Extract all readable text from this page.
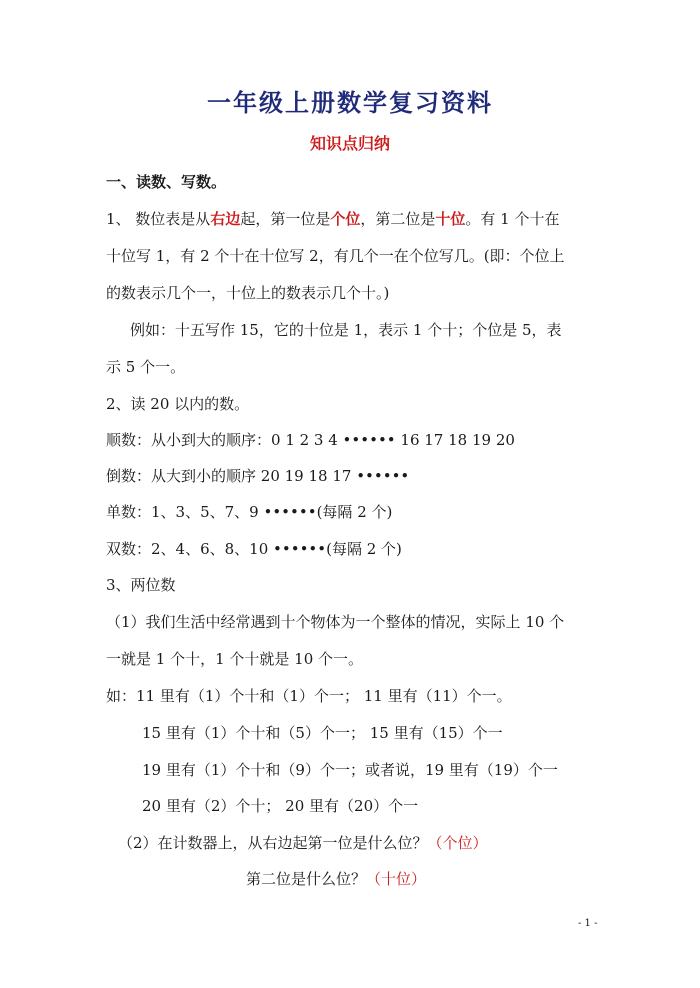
一年级上册数学复习资料
知识点归纳
一、读数、写数。
1、 数位表是从右边起，第一位是个位，第二位是十位。有 1 个十在
十位写 1，有 2 个十在十位写 2，有几个一在个位写几。(即：个位上
的数表示几个一，十位上的数表示几个十。)
例如：十五写作 15，它的十位是 1，表示 1 个十；个位是 5，表
示 5 个一。
2、读 20 以内的数。
顺数：从小到大的顺序：0 1 2 3 4 •••••• 16 17 18 19 20
倒数：从大到小的顺序 20 19 18 17 ••••••
单数：1、3、5、7、9 ••••••(每隔 2 个)
双数：2、4、6、8、10 ••••••(每隔 2 个)
3、两位数
（1）我们生活中经常遇到十个物体为一个整体的情况，实际上 10 个
一就是 1 个十，1 个十就是 10 个一。
如：11 里有（1）个十和（1）个一； 11 里有（11）个一。
15 里有（1）个十和（5）个一； 15 里有（15）个一
19 里有（1）个十和（9）个一；或者说，19 里有（19）个一
20 里有（2）个十； 20 里有（20）个一
（2）在计数器上，从右边起第一位是什么位？（个位）
第二位是什么位？（十位）
- 1 -
